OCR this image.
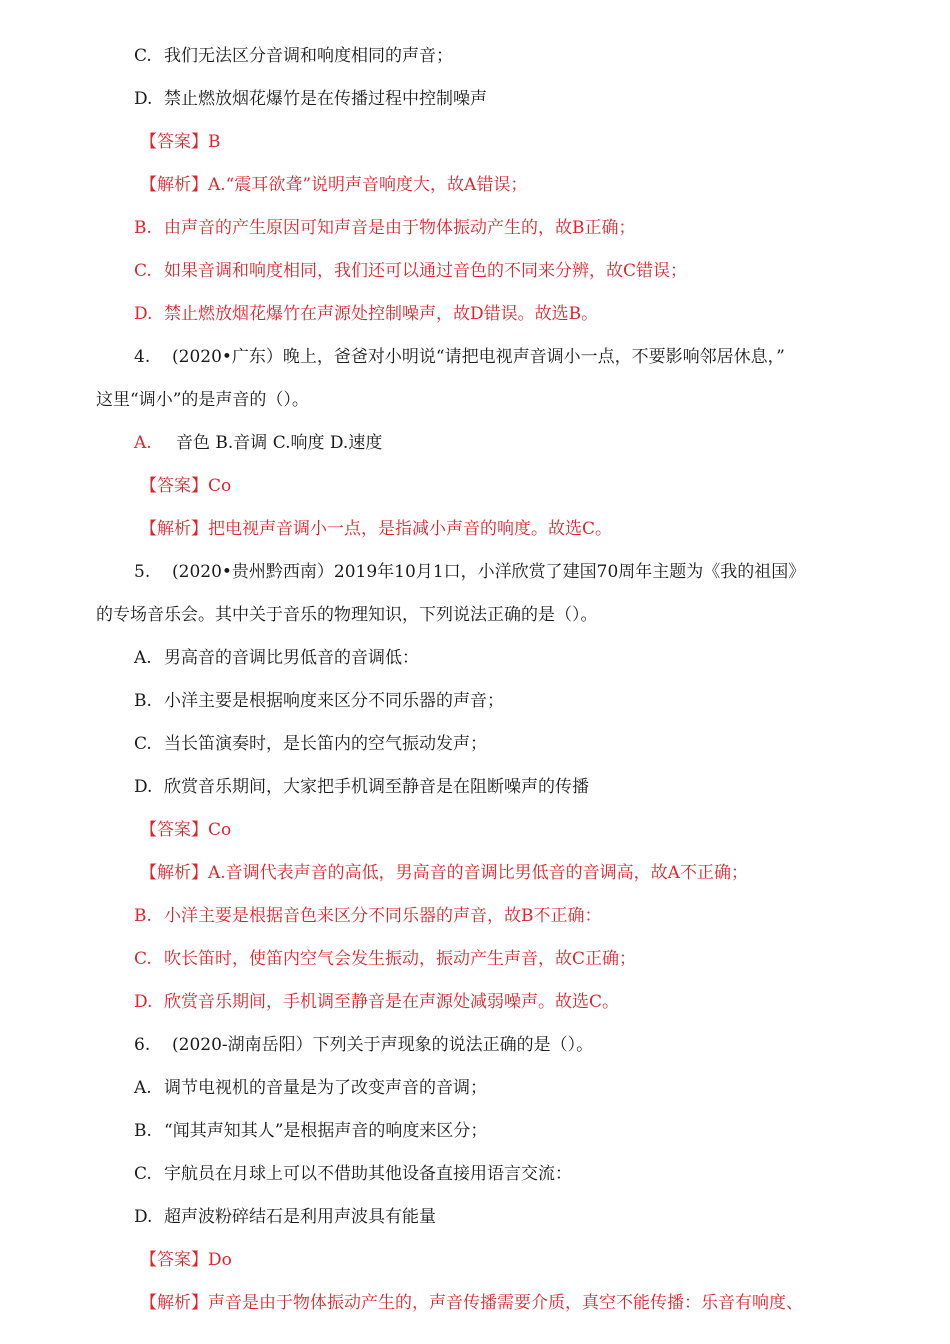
C. 我们无法区分音调和响度相同的声音；
D. 禁止燃放烟花爆竹是在传播过程中控制噪声
【答案】B
【解析】A.“震耳欲聋”说明声音响度大，故A错误；
B. 由声音的产生原因可知声音是由于物体振动产生的，故B正确；
C. 如果音调和响度相同，我们还可以通过音色的不同来分辨，故C错误；
D. 禁止燃放烟花爆竹在声源处控制噪声，故D错误。故选B。
4. (2020•广东）晚上，爸爸对小明说“请把电视声音调小一点，不要影响邻居休息，”
这里“调小”的是声音的（）。
A. 音色 B.音调 C.响度 D.速度
【答案】Co
【解析】把电视声音调小一点，是指减小声音的响度。故选C。
5. (2020•贵州黔西南）2019年10月1口，小洋欣赏了建国70周年主题为《我的祖国》
的专场音乐会。其中关于音乐的物理知识，下列说法正确的是（）。
A. 男高音的音调比男低音的音调低：
B. 小洋主要是根据响度来区分不同乐器的声音；
C. 当长笛演奏时，是长笛内的空气振动发声；
D. 欣赏音乐期间，大家把手机调至静音是在阻断噪声的传播
【答案】Co
【解析】A.音调代表声音的高低，男高音的音调比男低音的音调高，故A不正确；
B. 小洋主要是根据音色来区分不同乐器的声音，故B不正确：
C. 吹长笛时，使笛内空气会发生振动，振动产生声音，故C正确；
D. 欣赏音乐期间，手机调至静音是在声源处减弱噪声。故选C。
6. (2020-湖南岳阳）下列关于声现象的说法正确的是（）。
A. 调节电视机的音量是为了改变声音的音调；
B. “闻其声知其人”是根据声音的响度来区分；
C. 宇航员在月球上可以不借助其他设备直接用语言交流：
D. 超声波粉碎结石是利用声波具有能量
【答案】Do
【解析】声音是由于物体振动产生的，声音传播需要介质，真空不能传播：乐音有响度、
